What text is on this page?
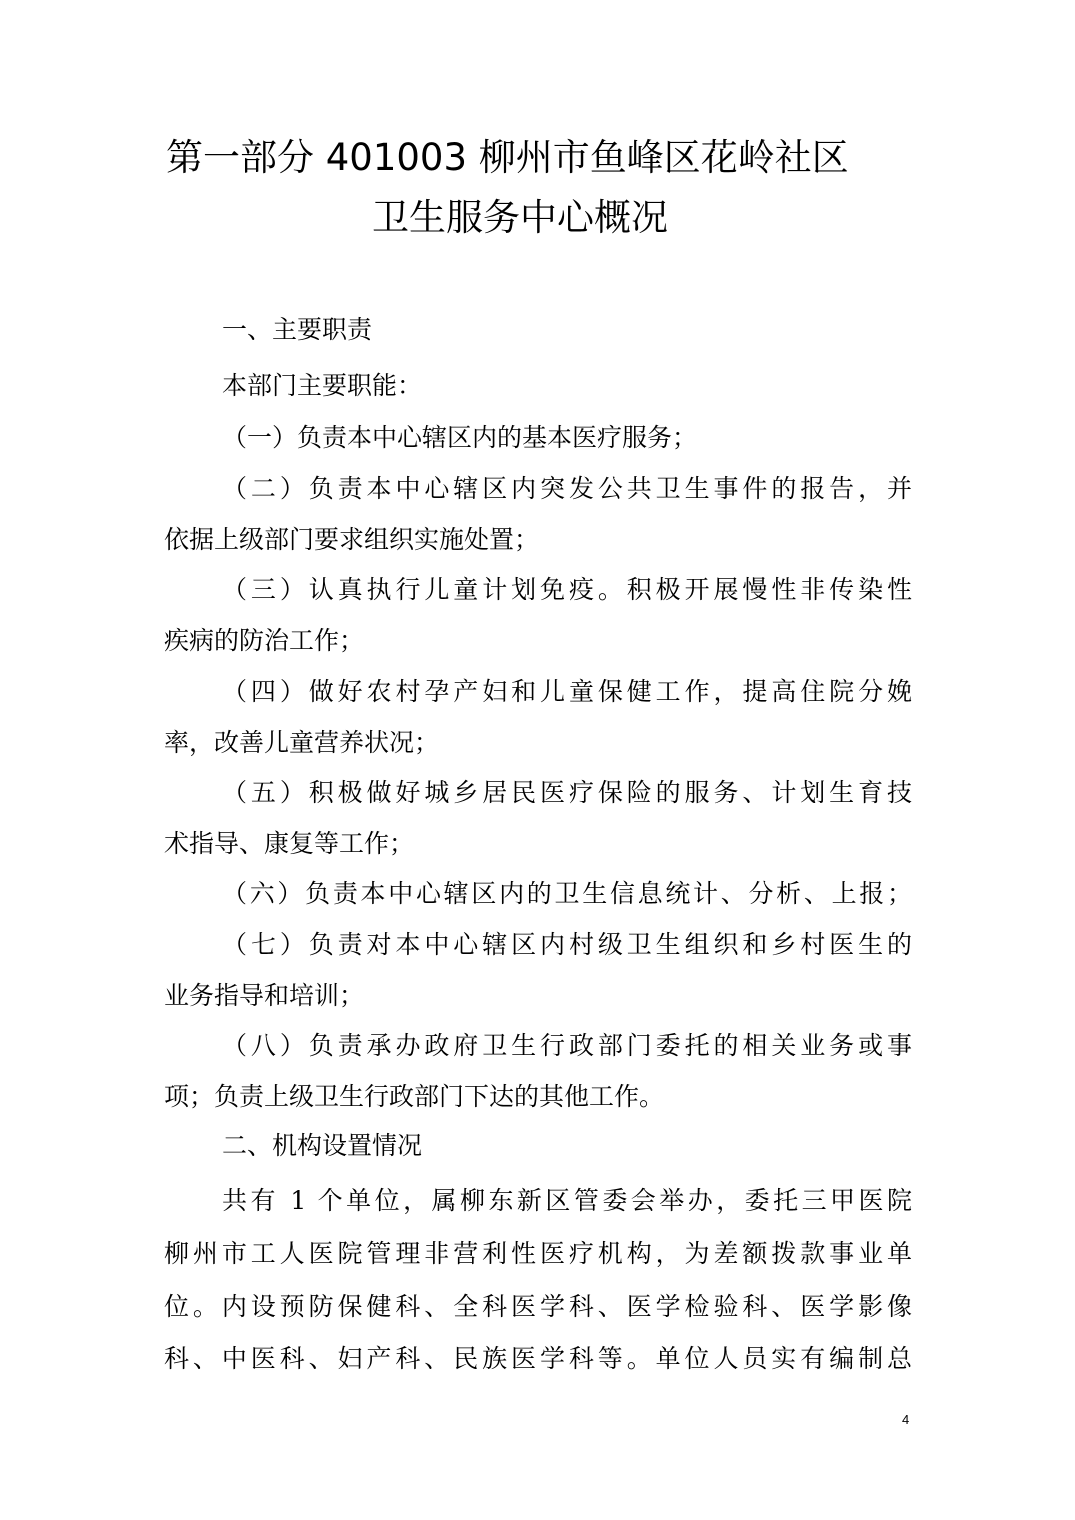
第一部分 401003 柳州市鱼峰区花岭社区
卫生服务中心概况
一、主要职责
本部门主要职能：
（一）负责本中心辖区内的基本医疗服务；
（二）负责本中心辖区内突发公共卫生事件的报告，并
依据上级部门要求组织实施处置；
（三）认真执行儿童计划免疫。积极开展慢性非传染性
疾病的防治工作；
（四）做好农村孕产妇和儿童保健工作，提高住院分娩
率，改善儿童营养状况；
（五）积极做好城乡居民医疗保险的服务、计划生育技
术指导、康复等工作；
（六）负责本中心辖区内的卫生信息统计、分析、上报；
（七）负责对本中心辖区内村级卫生组织和乡村医生的
业务指导和培训；
（八）负责承办政府卫生行政部门委托的相关业务或事
项；负责上级卫生行政部门下达的其他工作。
二、机构设置情况
共有 1 个单位，属柳东新区管委会举办，委托三甲医院
柳州市工人医院管理非营利性医疗机构，为差额拨款事业单
位。内设预防保健科、全科医学科、医学检验科、医学影像
科、中医科、妇产科、民族医学科等。单位人员实有编制总
4
